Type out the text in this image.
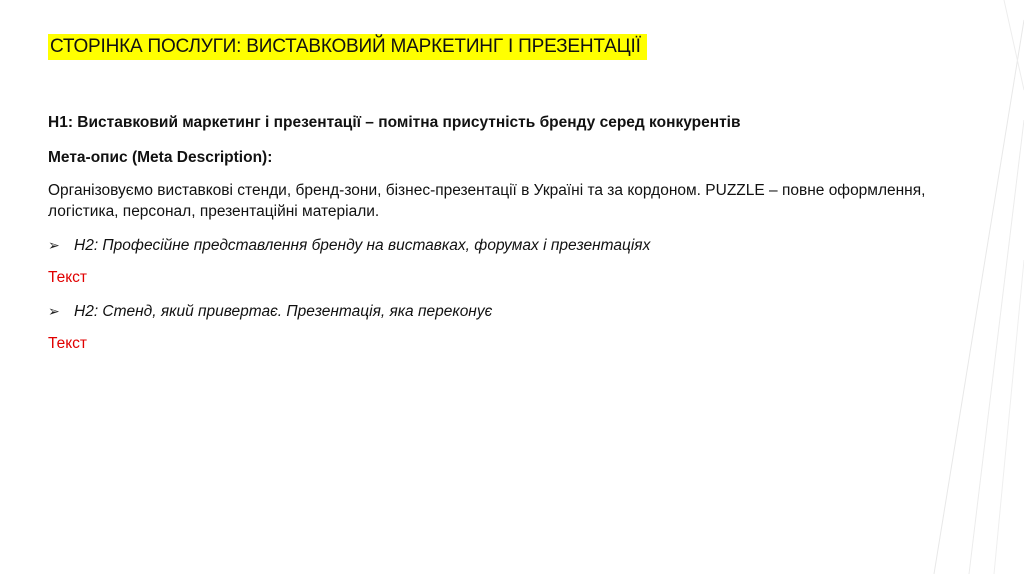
СТОРІНКА ПОСЛУГИ: ВИСТАВКОВИЙ МАРКЕТИНГ І ПРЕЗЕНТАЦІЇ
H1: Виставковий маркетинг і презентації – помітна присутність бренду серед конкурентів
Мета-опис (Meta Description):
Організовуємо виставкові стенди, бренд-зони, бізнес-презентації в Україні та за кордоном. PUZZLE – повне оформлення, логістика, персонал, презентаційні матеріали.
➢ H2: Професійне представлення бренду на виставках, форумах і презентаціях
Текст
➢ H2: Стенд, який привертає. Презентація, яка переконує
Текст
